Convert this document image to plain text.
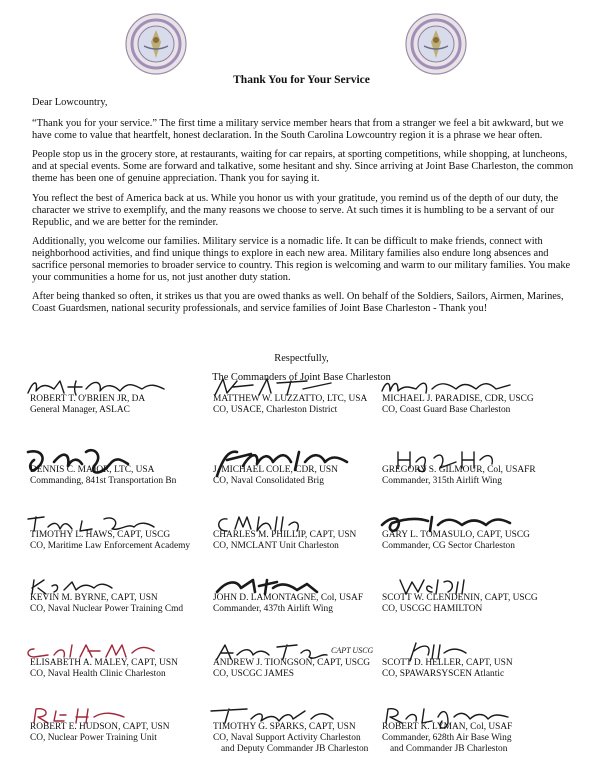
Thank You for Your Service

Dear Lowcountry,

“Thank you for your service.” The first time a military service member hears that from a stranger we feel a bit awkward, but we have come to value that heartfelt, honest declaration. In the South Carolina Lowcountry region it is a phrase we hear often.

People stop us in the grocery store, at restaurants, waiting for car repairs, at sporting competitions, while shopping, at luncheons, and at special events. Some are forward and talkative, some hesitant and shy. Since arriving at Joint Base Charleston, the common theme has been one of genuine appreciation. Thank you for saying it.

You reflect the best of America back at us. While you honor us with your gratitude, you remind us of the depth of our duty, the character we strive to exemplify, and the many reasons we choose to serve. At such times it is humbling to be a servant of our Republic, and we are better for the reminder.

Additionally, you welcome our families. Military service is a nomadic life. It can be difficult to make friends, connect with neighborhood activities, and find unique things to explore in each new area. Military families also endure long absences and sacrifice personal memories to broader service to country. This region is welcoming and warm to our military families. You make your communities a home for us, not just another duty station.

After being thanked so often, it strikes us that you are owed thanks as well. On behalf of the Soldiers, Sailors, Airmen, Marines, Coast Guardsmen, national security professionals, and service families of Joint Base Charleston - Thank you!

Respectfully,
The Commanders of Joint Base Charleston
ROBERT T. O'BRIEN JR, DA
General Manager, ASLAC
MATTHEW W. LUZZATTO, LTC, USA
CO, USACE, Charleston District
MICHAEL J. PARADISE, CDR, USCG
CO, Coast Guard Base Charleston
DENNIS C. MAJOR, LTC, USA
Commanding, 841st Transportation Bn
J. MICHAEL COLE, CDR, USN
CO, Naval Consolidated Brig
GREGORY S. GILMOUR, Col, USAFR
Commander, 315th Airlift Wing
TIMOTHY L. HAWS, CAPT, USCG
CO, Maritime Law Enforcement Academy
CHARLES M. PHILLIP, CAPT, USN
CO, NMCLANT Unit Charleston
GARY L. TOMASULO, CAPT, USCG
Commander, CG Sector Charleston
KEVIN M. BYRNE, CAPT, USN
CO, Naval Nuclear Power Training Cmd
JOHN D. LAMONTAGNE, Col, USAF
Commander, 437th Airlift Wing
SCOTT W. CLENDENIN, CAPT, USCG
CO, USCGC HAMILTON
ELISABETH A. MALEY, CAPT, USN
CO, Naval Health Clinic Charleston
CAPT USCG
ANDREW J. TIONGSON, CAPT, USCG
CO, USCGC JAMES
SCOTT D. HELLER, CAPT, USN
CO, SPAWARSYSCEN Atlantic
ROBERT E. HUDSON, CAPT, USN
CO, Nuclear Power Training Unit
TIMOTHY G. SPARKS, CAPT, USN
CO, Naval Support Activity Charleston
and Deputy Commander JB Charleston
ROBERT K. LYMAN, Col, USAF
Commander, 628th Air Base Wing
and Commander JB Charleston
